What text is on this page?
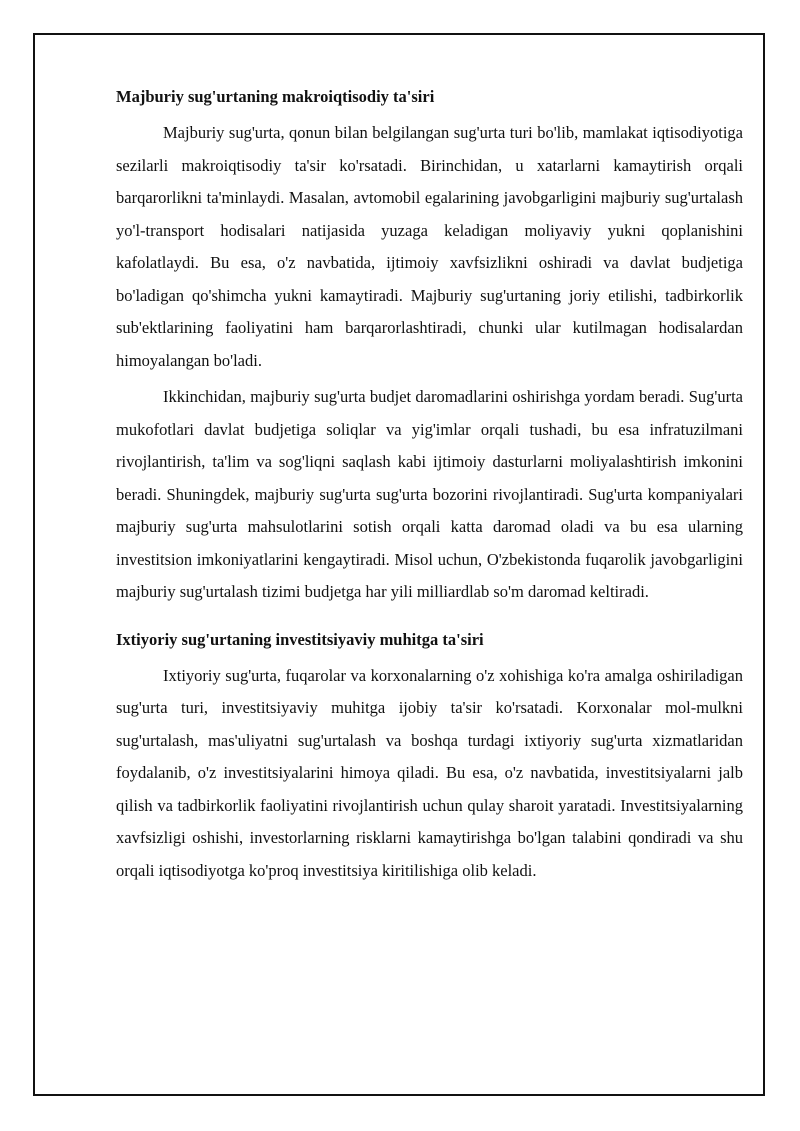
Majburiy sug'urtaning makroiqtisodiy ta'siri

Majburiy sug'urta, qonun bilan belgilangan sug'urta turi bo'lib, mamlakat iqtisodiyotiga sezilarli makroiqtisodiy ta'sir ko'rsatadi. Birinchidan, u xatarlarni kamaytirish orqali barqarorlikni ta'minlaydi. Masalan, avtomobil egalarining javobgarligini majburiy sug'urtalash yo'l-transport hodisalari natijasida yuzaga keladigan moliyaviy yukni qoplanishini kafolatlaydi. Bu esa, o'z navbatida, ijtimoiy xavfsizlikni oshiradi va davlat budjetiga bo'ladigan qo'shimcha yukni kamaytiradi. Majburiy sug'urtaning joriy etilishi, tadbirkorlik sub'ektlarining faoliyatini ham barqarorlashtiradi, chunki ular kutilmagan hodisalardan himoyalangan bo'ladi.

Ikkinchidan, majburiy sug'urta budjet daromadlarini oshirishga yordam beradi. Sug'urta mukofotlari davlat budjetiga soliqlar va yig'imlar orqali tushadi, bu esa infratuzilmani rivojlantirish, ta'lim va sog'liqni saqlash kabi ijtimoiy dasturlarni moliyalashtirish imkonini beradi. Shuningdek, majburiy sug'urta sug'urta bozorini rivojlantiradi. Sug'urta kompaniyalari majburiy sug'urta mahsulotlarini sotish orqali katta daromad oladi va bu esa ularning investitsion imkoniyatlarini kengaytiradi. Misol uchun, O'zbekistonda fuqarolik javobgarligini majburiy sug'urtalash tizimi budjetga har yili milliardlab so'm daromad keltiradi.

Ixtiyoriy sug'urtaning investitsiyaviy muhitga ta'siri

Ixtiyoriy sug'urta, fuqarolar va korxonalarning o'z xohishiga ko'ra amalga oshiriladigan sug'urta turi, investitsiyaviy muhitga ijobiy ta'sir ko'rsatadi. Korxonalar mol-mulkni sug'urtalash, mas'uliyatni sug'urtalash va boshqa turdagi ixtiyoriy sug'urta xizmatlaridan foydalanib, o'z investitsiyalarini himoya qiladi. Bu esa, o'z navbatida, investitsiyalarni jalb qilish va tadbirkorlik faoliyatini rivojlantirish uchun qulay sharoit yaratadi. Investitsiyalarning xavfsizligi oshishi, investorlarning risklarni kamaytirishga bo'lgan talabini qondiradi va shu orqali iqtisodiyotga ko'proq investitsiya kiritilishiga olib keladi.
